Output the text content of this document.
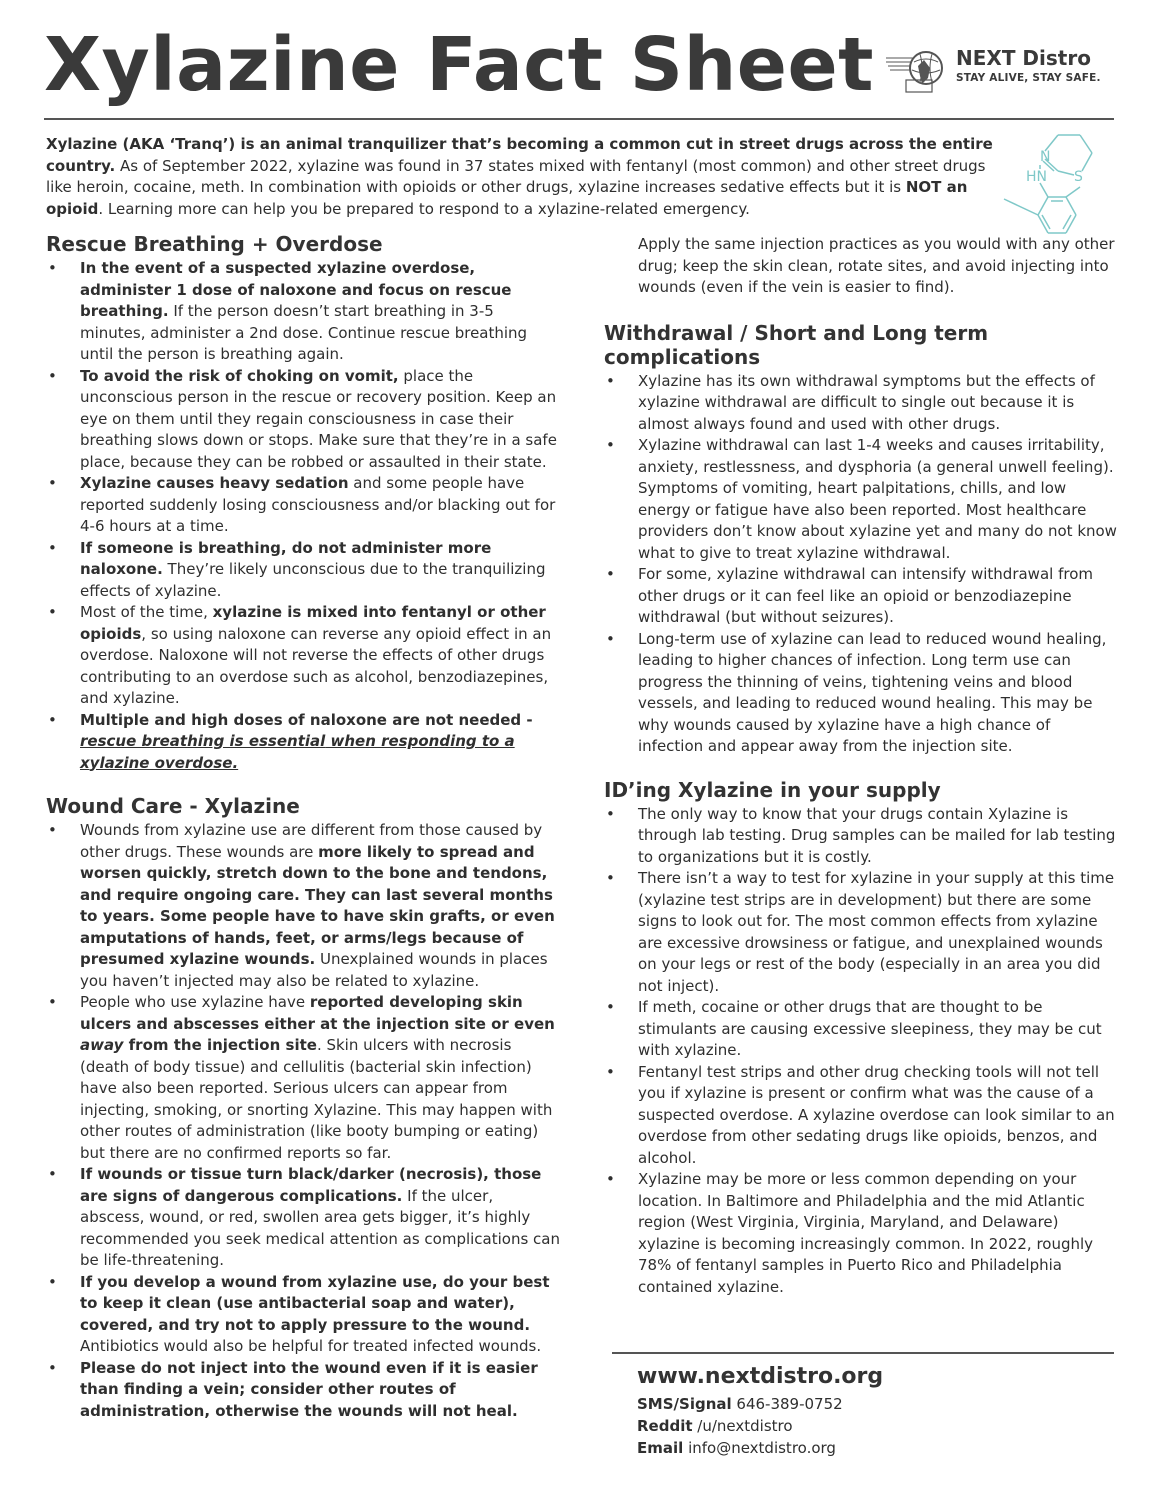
Xylazine Fact Sheet	NEXT Distro
STAY ALIVE, STAY SAFE.

Xylazine (AKA ‘Tranq’) is an animal tranquilizer that’s becoming a common cut in street drugs across the entire country. As of September 2022, xylazine was found in 37 states mixed with fentanyl (most common) and other street drugs like heroin, cocaine, meth. In combination with opioids or other drugs, xylazine increases sedative effects but it is NOT an opioid. Learning more can help you be prepared to respond to a xylazine-related emergency.

N
HN S
Rescue Breathing + Overdose
• In the event of a suspected xylazine overdose, administer 1 dose of naloxone and focus on rescue breathing. If the person doesn’t start breathing in 3-5 minutes, administer a 2nd dose. Continue rescue breathing until the person is breathing again.
• To avoid the risk of choking on vomit, place the unconscious person in the rescue or recovery position. Keep an eye on them until they regain consciousness in case their breathing slows down or stops. Make sure that they’re in a safe place, because they can be robbed or assaulted in their state.
• Xylazine causes heavy sedation and some people have reported suddenly losing consciousness and/or blacking out for 4-6 hours at a time.
• If someone is breathing, do not administer more naloxone. They’re likely unconscious due to the tranquilizing effects of xylazine.
• Most of the time, xylazine is mixed into fentanyl or other opioids, so using naloxone can reverse any opioid effect in an overdose. Naloxone will not reverse the effects of other drugs contributing to an overdose such as alcohol, benzodiazepines, and xylazine.
• Multiple and high doses of naloxone are not needed - rescue breathing is essential when responding to a xylazine overdose.
Wound Care - Xylazine
• Wounds from xylazine use are different from those caused by other drugs. These wounds are more likely to spread and worsen quickly, stretch down to the bone and tendons, and require ongoing care. They can last several months to years. Some people have to have skin grafts, or even amputations of hands, feet, or arms/legs because of presumed xylazine wounds. Unexplained wounds in places you haven’t injected may also be related to xylazine.
• People who use xylazine have reported developing skin ulcers and abscesses either at the injection site or even away from the injection site. Skin ulcers with necrosis (death of body tissue) and cellulitis (bacterial skin infection) have also been reported. Serious ulcers can appear from injecting, smoking, or snorting Xylazine. This may happen with other routes of administration (like booty bumping or eating) but there are no confirmed reports so far.
• If wounds or tissue turn black/darker (necrosis), those are signs of dangerous complications. If the ulcer, abscess, wound, or red, swollen area gets bigger, it’s highly recommended you seek medical attention as complications can be life-threatening.
• If you develop a wound from xylazine use, do your best to keep it clean (use antibacterial soap and water), covered, and try not to apply pressure to the wound. Antibiotics would also be helpful for treated infected wounds.
• Please do not inject into the wound even if it is easier than finding a vein; consider other routes of administration, otherwise the wounds will not heal.

Apply the same injection practices as you would with any other drug; keep the skin clean, rotate sites, and avoid injecting into wounds (even if the vein is easier to find).

Withdrawal / Short and Long term complications
• Xylazine has its own withdrawal symptoms but the effects of xylazine withdrawal are difficult to single out because it is almost always found and used with other drugs.
• Xylazine withdrawal can last 1-4 weeks and causes irritability, anxiety, restlessness, and dysphoria (a general unwell feeling). Symptoms of vomiting, heart palpitations, chills, and low energy or fatigue have also been reported. Most healthcare providers don’t know about xylazine yet and many do not know what to give to treat xylazine withdrawal.
• For some, xylazine withdrawal can intensify withdrawal from other drugs or it can feel like an opioid or benzodiazepine withdrawal (but without seizures).
• Long-term use of xylazine can lead to reduced wound healing, leading to higher chances of infection. Long term use can progress the thinning of veins, tightening veins and blood vessels, and leading to reduced wound healing. This may be why wounds caused by xylazine have a high chance of infection and appear away from the injection site.
ID’ing Xylazine in your supply
• The only way to know that your drugs contain Xylazine is through lab testing. Drug samples can be mailed for lab testing to organizations but it is costly.
• There isn’t a way to test for xylazine in your supply at this time (xylazine test strips are in development) but there are some signs to look out for. The most common effects from xylazine are excessive drowsiness or fatigue, and unexplained wounds on your legs or rest of the body (especially in an area you did not inject).
• If meth, cocaine or other drugs that are thought to be stimulants are causing excessive sleepiness, they may be cut with xylazine.
• Fentanyl test strips and other drug checking tools will not tell you if xylazine is present or confirm what was the cause of a suspected overdose. A xylazine overdose can look similar to an overdose from other sedating drugs like opioids, benzos, and alcohol.
• Xylazine may be more or less common depending on your location. In Baltimore and Philadelphia and the mid Atlantic region (West Virginia, Virginia, Maryland, and Delaware) xylazine is becoming increasingly common. In 2022, roughly 78% of fentanyl samples in Puerto Rico and Philadelphia contained xylazine.

www.nextdistro.org

SMS/Signal 646-389-0752

Reddit /u/nextdistro

Email info@nextdistro.org
